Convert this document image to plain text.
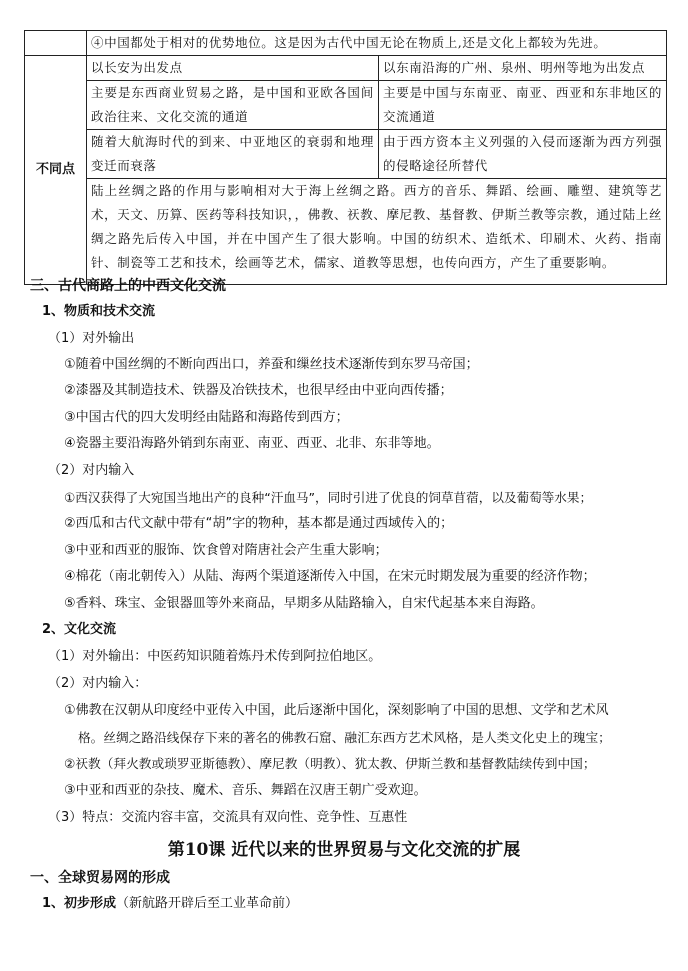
	④中国都处于相对的优势地位。这是因为古代中国无论在物质上,还是文化上都较为先进。	
不同点	以长安为出发点	以东南沿海的广州、泉州、明州等地为出发点
	主要是东西商业贸易之路，是中国和亚欧各国间政治往来、文化交流的通道	主要是中国与东南亚、南亚、西亚和东非地区的交流通道
	随着大航海时代的到来、中亚地区的衰弱和地理变迁而衰落	由于西方资本主义列强的入侵而逐渐为西方列强的侵略途径所替代
	陆上丝绸之路的作用与影响相对大于海上丝绸之路。西方的音乐、舞蹈、绘画、雕塑、建筑等艺术，天文、历算、医药等科技知识，，佛教、祆教、摩尼教、基督教、伊斯兰教等宗教，通过陆上丝绸之路先后传入中国，并在中国产生了很大影响。中国的纺织术、造纸术、印刷术、火药、指南针、制瓷等工艺和技术，绘画等艺术，儒家、道教等思想，也传向西方，产生了重要影响。	
三、古代商路上的中西文化交流
1、物质和技术交流
（1）对外输出
①随着中国丝绸的不断向西出口，养蚕和缫丝技术逐渐传到东罗马帝国；
②漆器及其制造技术、铁器及冶铁技术，也很早经由中亚向西传播；
③中国古代的四大发明经由陆路和海路传到西方；
④瓷器主要沿海路外销到东南亚、南亚、西亚、北非、东非等地。
（2）对内输入
①西汉获得了大宛国当地出产的良种“汗血马”，同时引进了优良的饲草苜蓿，以及葡萄等水果；
②西瓜和古代文献中带有“胡”字的物种，基本都是通过西域传入的；
③中亚和西亚的服饰、饮食曾对隋唐社会产生重大影响；
④棉花（南北朝传入）从陆、海两个渠道逐渐传入中国，在宋元时期发展为重要的经济作物；
⑤香料、珠宝、金银器皿等外来商品，早期多从陆路输入，自宋代起基本来自海路。
2、文化交流
（1）对外输出：中医药知识随着炼丹术传到阿拉伯地区。
（2）对内输入：
①佛教在汉朝从印度经中亚传入中国，此后逐渐中国化，深刻影响了中国的思想、文学和艺术风
格。丝绸之路沿线保存下来的著名的佛教石窟、融汇东西方艺术风格，是人类文化史上的瑰宝；
②祆教（拜火教或琐罗亚斯德教）、摩尼教（明教）、犹太教、伊斯兰教和基督教陆续传到中国；
③中亚和西亚的杂技、魔术、音乐、舞蹈在汉唐王朝广受欢迎。
（3）特点：交流内容丰富，交流具有双向性、竞争性、互惠性
第10课 近代以来的世界贸易与文化交流的扩展
一、全球贸易网的形成
1、初步形成（新航路开辟后至工业革命前）
